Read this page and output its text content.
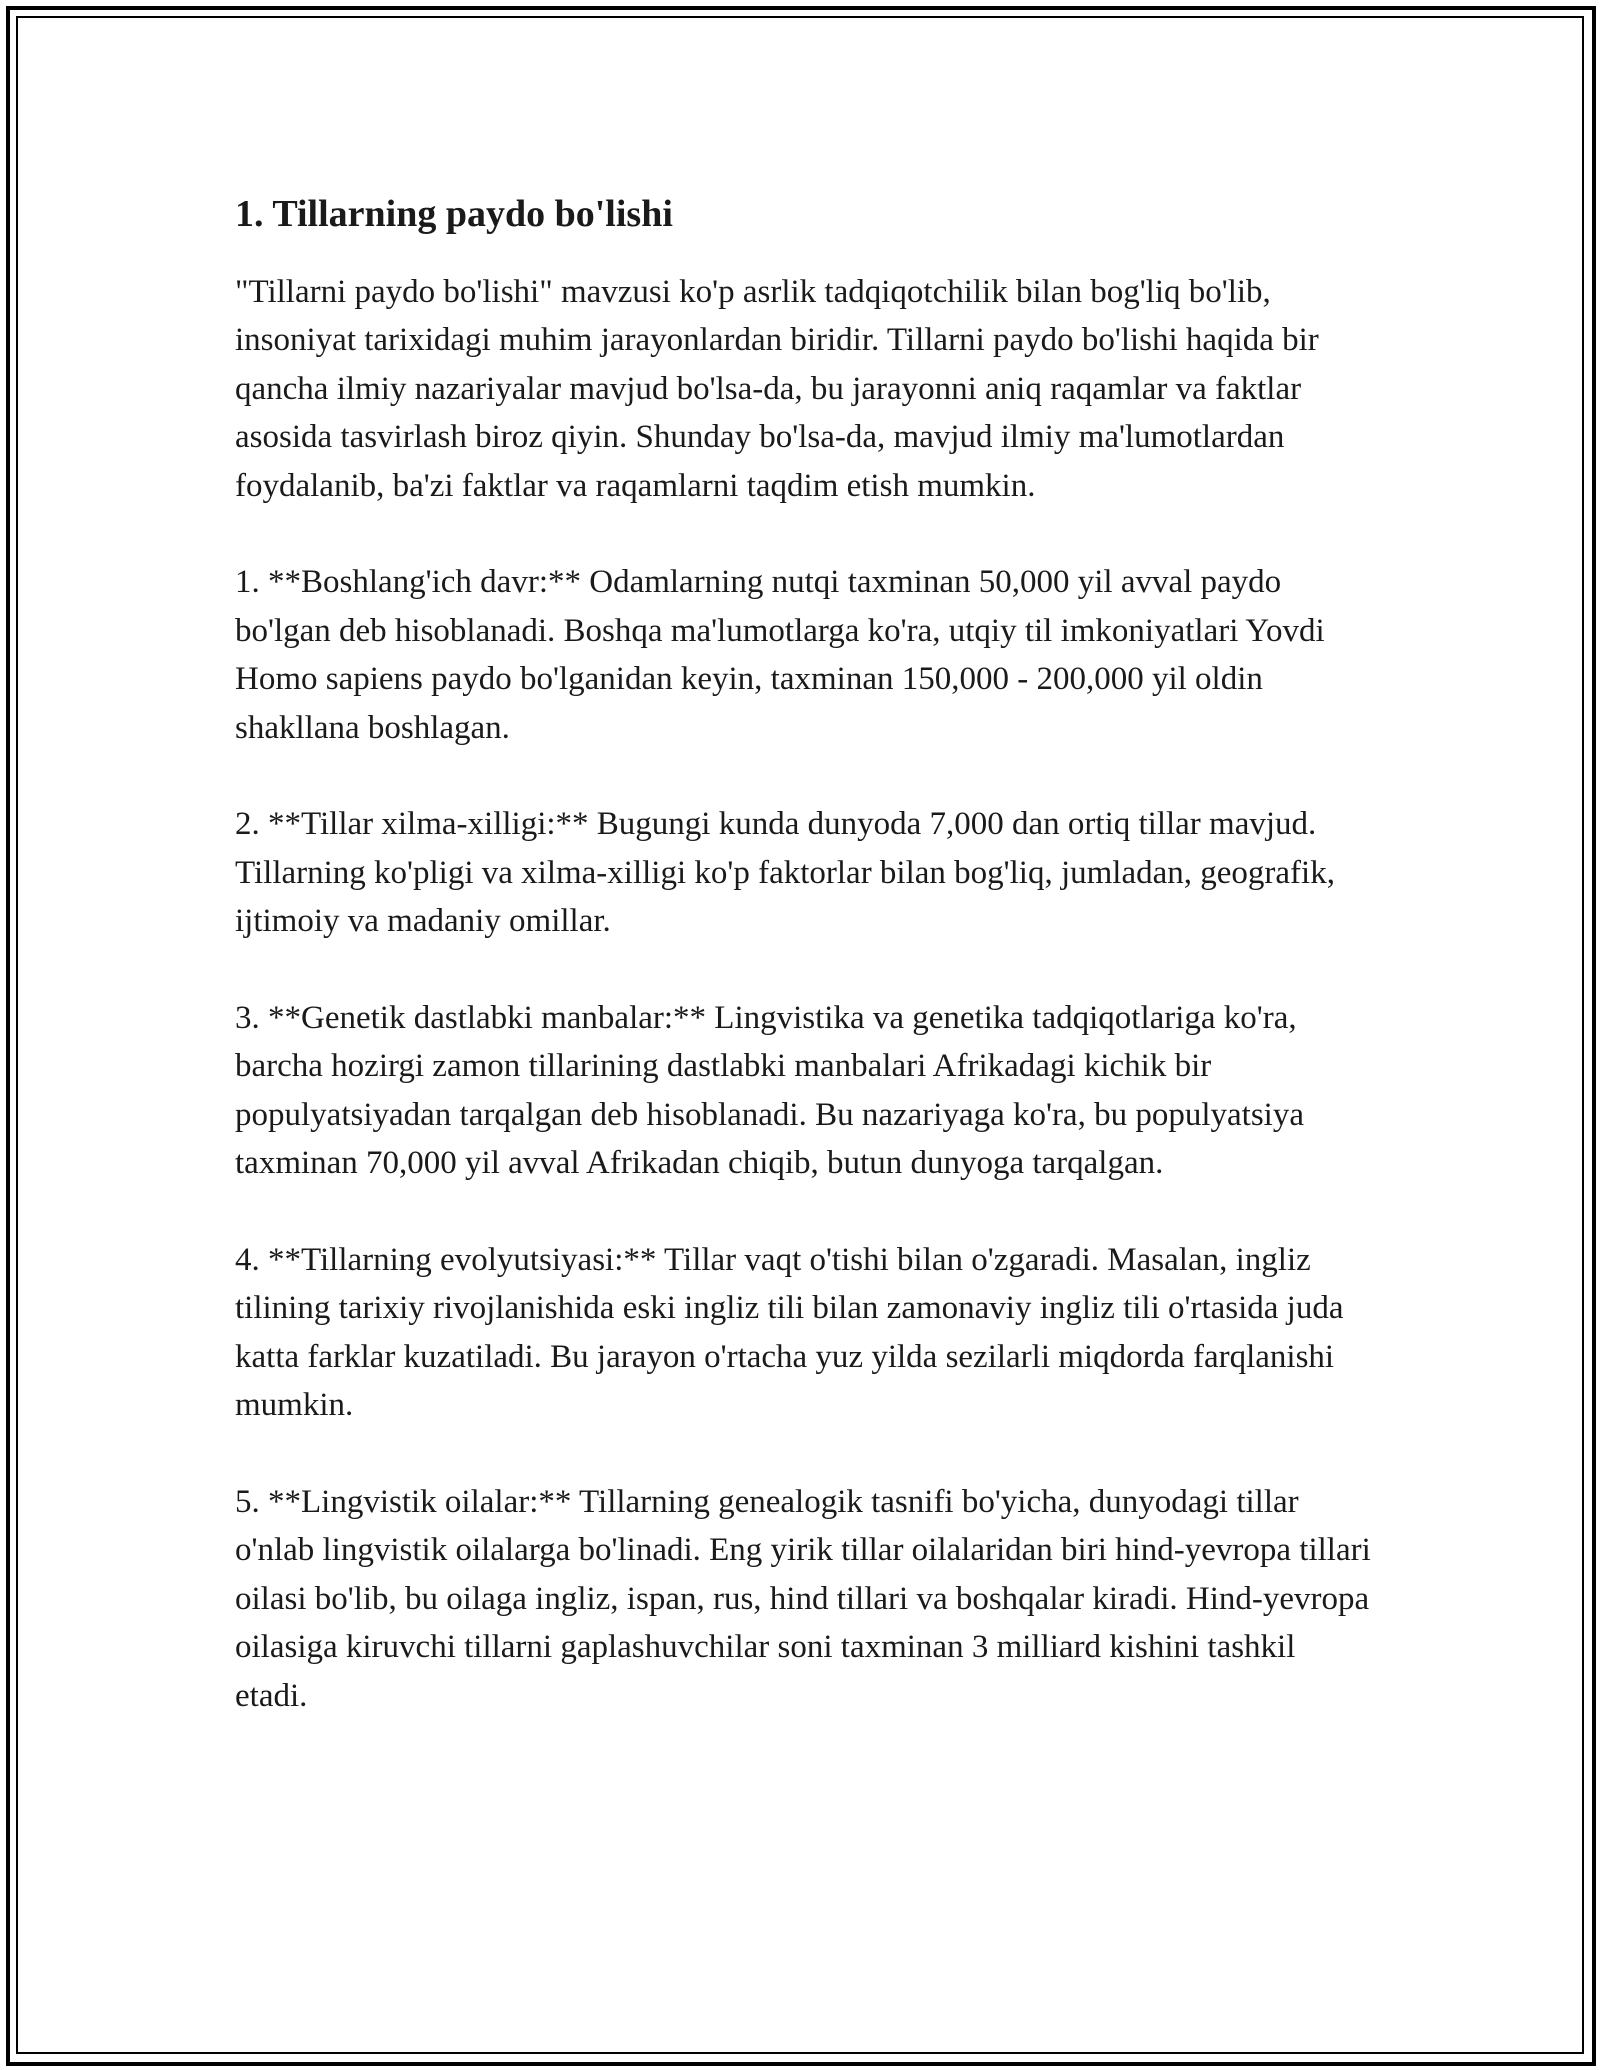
1. Tillarning paydo bo'lishi

"Tillarni paydo bo'lishi" mavzusi ko'p asrlik tadqiqotchilik bilan bog'liq bo'lib, insoniyat tarixidagi muhim jarayonlardan biridir. Tillarni paydo bo'lishi haqida bir qancha ilmiy nazariyalar mavjud bo'lsa-da, bu jarayonni aniq raqamlar va faktlar asosida tasvirlash biroz qiyin. Shunday bo'lsa-da, mavjud ilmiy ma'lumotlardan foydalanib, ba'zi faktlar va raqamlarni taqdim etish mumkin.

1. **Boshlang'ich davr:** Odamlarning nutqi taxminan 50,000 yil avval paydo bo'lgan deb hisoblanadi. Boshqa ma'lumotlarga ko'ra, utqiy til imkoniyatlari Yovdi Homo sapiens paydo bo'lganidan keyin, taxminan 150,000 - 200,000 yil oldin shakllana boshlagan.

2. **Tillar xilma-xilligi:** Bugungi kunda dunyoda 7,000 dan ortiq tillar mavjud. Tillarning ko'pligi va xilma-xilligi ko'p faktorlar bilan bog'liq, jumladan, geografik, ijtimoiy va madaniy omillar.

3. **Genetik dastlabki manbalar:** Lingvistika va genetika tadqiqotlariga ko'ra, barcha hozirgi zamon tillarining dastlabki manbalari Afrikadagi kichik bir populyatsiyadan tarqalgan deb hisoblanadi. Bu nazariyaga ko'ra, bu populyatsiya taxminan 70,000 yil avval Afrikadan chiqib, butun dunyoga tarqalgan.

4. **Tillarning evolyutsiyasi:** Tillar vaqt o'tishi bilan o'zgaradi. Masalan, ingliz tilining tarixiy rivojlanishida eski ingliz tili bilan zamonaviy ingliz tili o'rtasida juda katta farklar kuzatiladi. Bu jarayon o'rtacha yuz yilda sezilarli miqdorda farqlanishi mumkin.

5. **Lingvistik oilalar:** Tillarning genealogik tasnifi bo'yicha, dunyodagi tillar o'nlab lingvistik oilalarga bo'linadi. Eng yirik tillar oilalaridan biri hind-yevropa tillari oilasi bo'lib, bu oilaga ingliz, ispan, rus, hind tillari va boshqalar kiradi. Hind-yevropa oilasiga kiruvchi tillarni gaplashuvchilar soni taxminan 3 milliard kishini tashkil etadi.
